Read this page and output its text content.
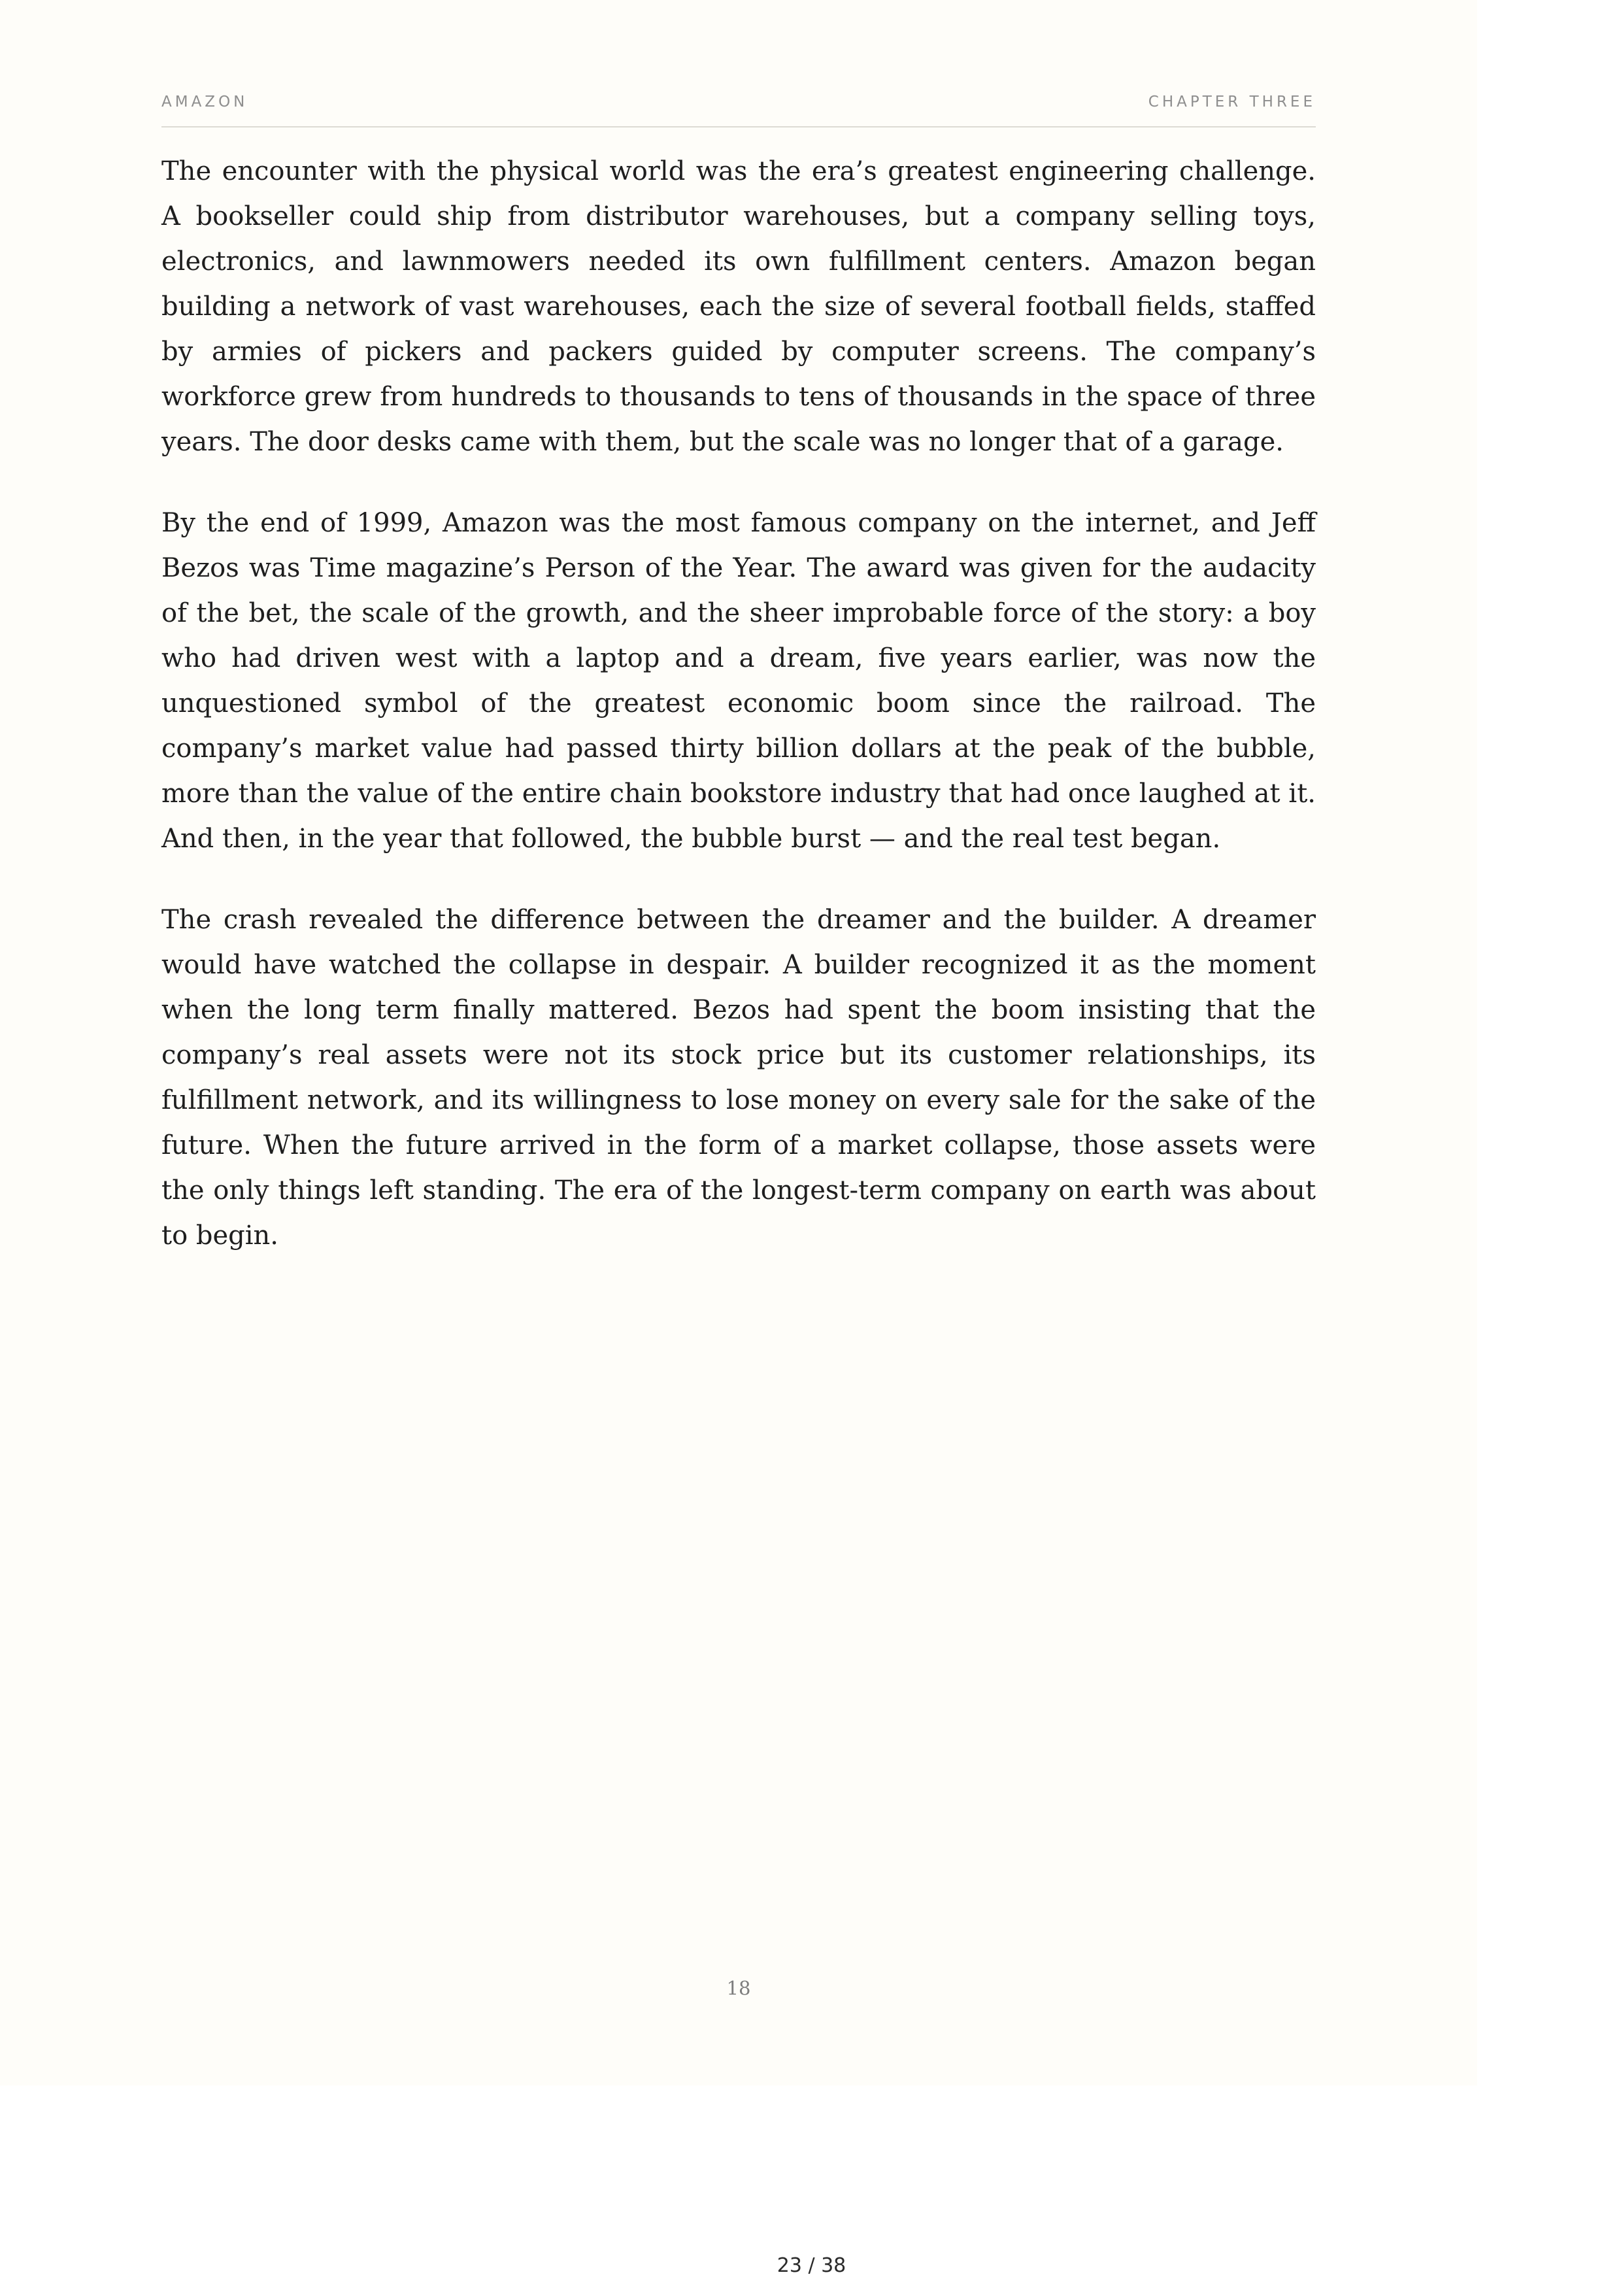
AMAZON	CHAPTER THREE

The encounter with the physical world was the era’s greatest engineering challenge. A bookseller could ship from distributor warehouses, but a company selling toys, electronics, and lawnmowers needed its own fulfillment centers. Amazon began building a network of vast warehouses, each the size of several football fields, staffed by armies of pickers and packers guided by computer screens. The company’s workforce grew from hundreds to thousands to tens of thousands in the space of three years. The door desks came with them, but the scale was no longer that of a garage.

By the end of 1999, Amazon was the most famous company on the internet, and Jeff Bezos was Time magazine’s Person of the Year. The award was given for the audacity of the bet, the scale of the growth, and the sheer improbable force of the story: a boy who had driven west with a laptop and a dream, five years earlier, was now the unquestioned symbol of the greatest economic boom since the railroad. The company’s market value had passed thirty billion dollars at the peak of the bubble, more than the value of the entire chain bookstore industry that had once laughed at it. And then, in the year that followed, the bubble burst — and the real test began.

The crash revealed the difference between the dreamer and the builder. A dreamer would have watched the collapse in despair. A builder recognized it as the moment when the long term finally mattered. Bezos had spent the boom insisting that the company’s real assets were not its stock price but its customer relationships, its fulfillment network, and its willingness to lose money on every sale for the sake of the future. When the future arrived in the form of a market collapse, those assets were the only things left standing. The era of the longest-term company on earth was about to begin.

18
23 / 38
